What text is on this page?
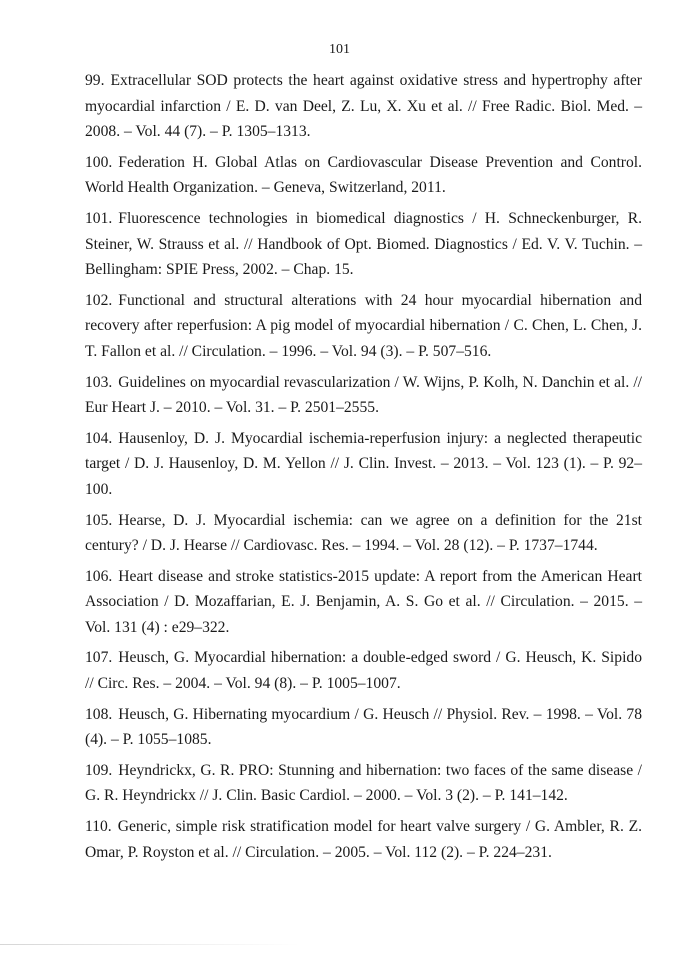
101
99. Extracellular SOD protects the heart against oxidative stress and hypertrophy after myocardial infarction / E. D. van Deel, Z. Lu, X. Xu et al. // Free Radic. Biol. Med. – 2008. – Vol. 44 (7). – P. 1305–1313.
100. Federation H. Global Atlas on Cardiovascular Disease Prevention and Control. World Health Organization. – Geneva, Switzerland, 2011.
101. Fluorescence technologies in biomedical diagnostics / H. Schneckenburger, R. Steiner, W. Strauss et al. // Handbook of Opt. Biomed. Diagnostics / Ed. V. V. Tuchin. – Bellingham: SPIE Press, 2002. – Chap. 15.
102. Functional and structural alterations with 24 hour myocardial hibernation and recovery after reperfusion: A pig model of myocardial hibernation / C. Chen, L. Chen, J. T. Fallon et al. // Circulation. – 1996. – Vol. 94 (3). – P. 507–516.
103. Guidelines on myocardial revascularization / W. Wijns, P. Kolh, N. Danchin et al. // Eur Heart J. – 2010. – Vol. 31. – P. 2501–2555.
104. Hausenloy, D. J. Myocardial ischemia-reperfusion injury: a neglected therapeutic target / D. J. Hausenloy, D. M. Yellon // J. Clin. Invest. – 2013. – Vol. 123 (1). – P. 92–100.
105. Hearse, D. J. Myocardial ischemia: can we agree on a definition for the 21st century? / D. J. Hearse // Cardiovasc. Res. – 1994. – Vol. 28 (12). – P. 1737–1744.
106. Heart disease and stroke statistics-2015 update: A report from the American Heart Association / D. Mozaffarian, E. J. Benjamin, A. S. Go et al. // Circulation. – 2015. – Vol. 131 (4) : e29–322.
107. Heusch, G. Myocardial hibernation: a double-edged sword / G. Heusch, K. Sipido // Circ. Res. – 2004. – Vol. 94 (8). – P. 1005–1007.
108. Heusch, G. Hibernating myocardium / G. Heusch // Physiol. Rev. – 1998. – Vol. 78 (4). – P. 1055–1085.
109. Heyndrickx, G. R. PRO: Stunning and hibernation: two faces of the same disease / G. R. Heyndrickx // J. Clin. Basic Cardiol. – 2000. – Vol. 3 (2). – P. 141–142.
110. Generic, simple risk stratification model for heart valve surgery / G. Ambler, R. Z. Omar, P. Royston et al. // Circulation. – 2005. – Vol. 112 (2). – P. 224–231.
